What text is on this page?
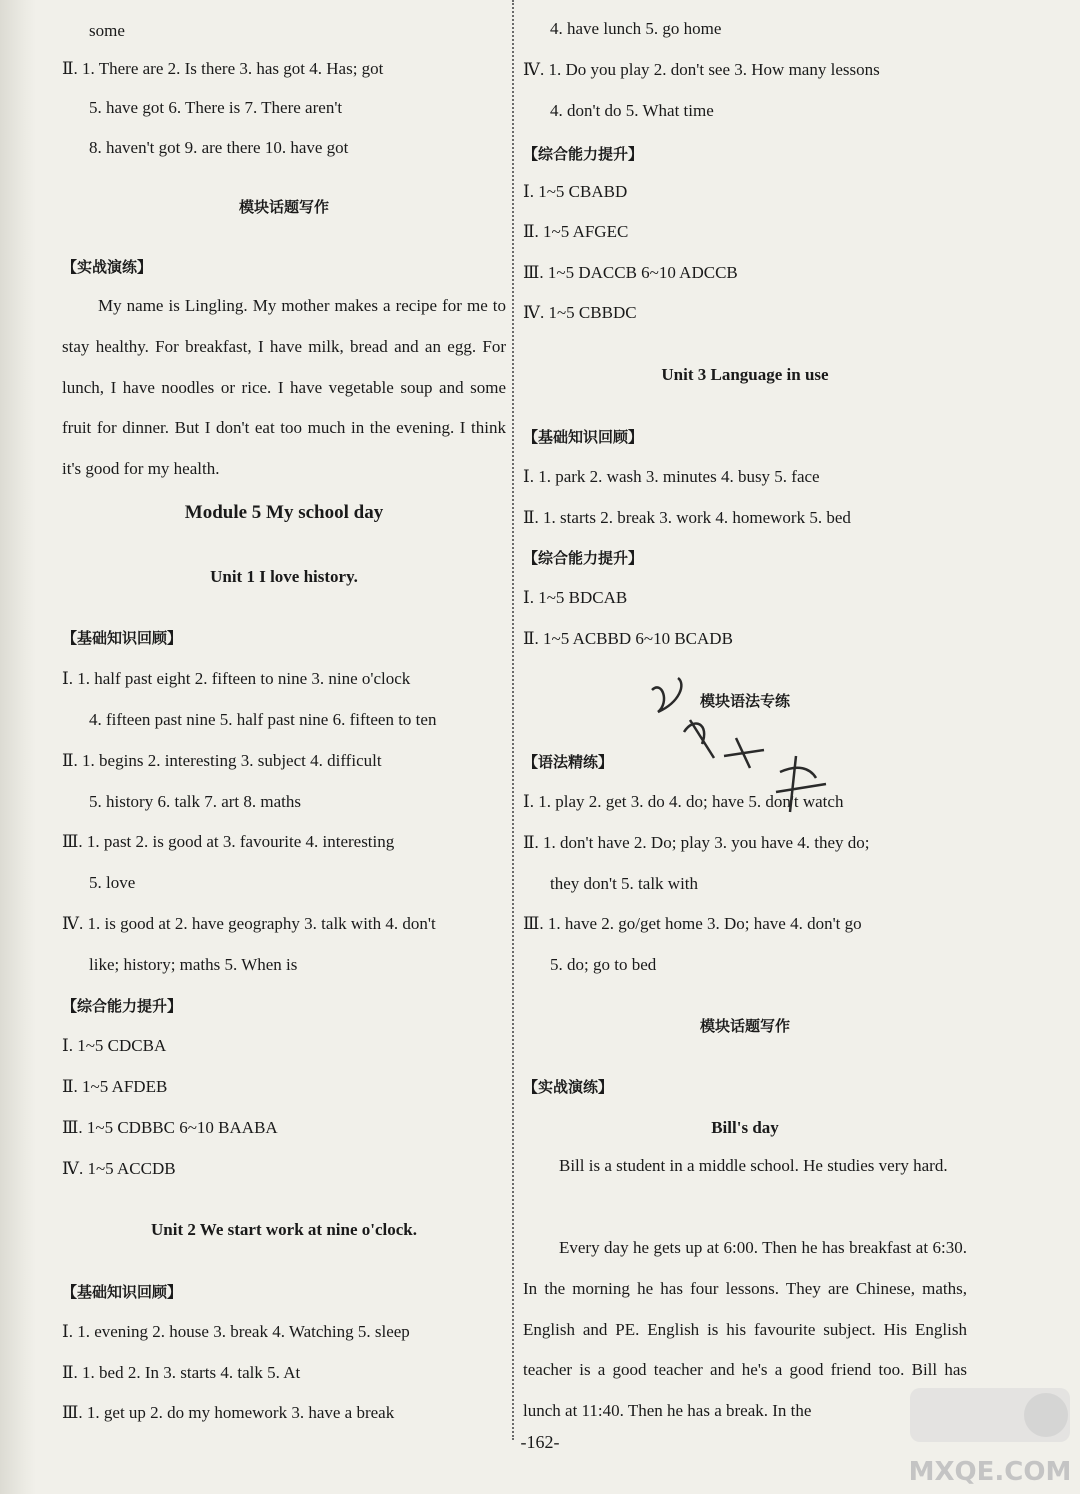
some
Ⅱ. 1. There are 2. Is there 3. has got 4. Has; got
5. have got 6. There is 7. There aren't
8. haven't got 9. are there 10. have got
模块话题写作
【实战演练】
My name is Lingling. My mother makes a recipe for me to stay healthy. For breakfast, I have milk, bread and an egg. For lunch, I have noodles or rice. I have vegetable soup and some fruit for dinner. But I don't eat too much in the evening. I think it's good for my health.
Module 5 My school day
Unit 1 I love history.
【基础知识回顾】
Ⅰ. 1. half past eight 2. fifteen to nine 3. nine o'clock
4. fifteen past nine 5. half past nine 6. fifteen to ten
Ⅱ. 1. begins 2. interesting 3. subject 4. difficult
5. history 6. talk 7. art 8. maths
Ⅲ. 1. past 2. is good at 3. favourite 4. interesting
5. love
Ⅳ. 1. is good at 2. have geography 3. talk with 4. don't
like; history; maths 5. When is
【综合能力提升】
Ⅰ. 1~5 CDCBA
Ⅱ. 1~5 AFDEB
Ⅲ. 1~5 CDBBC 6~10 BAABA
Ⅳ. 1~5 ACCDB
Unit 2 We start work at nine o'clock.
【基础知识回顾】
Ⅰ. 1. evening 2. house 3. break 4. Watching 5. sleep
Ⅱ. 1. bed 2. In 3. starts 4. talk 5. At
Ⅲ. 1. get up 2. do my homework 3. have a break
4. have lunch 5. go home
Ⅳ. 1. Do you play 2. don't see 3. How many lessons
4. don't do 5. What time
【综合能力提升】
Ⅰ. 1~5 CBABD
Ⅱ. 1~5 AFGEC
Ⅲ. 1~5 DACCB 6~10 ADCCB
Ⅳ. 1~5 CBBDC
Unit 3 Language in use
【基础知识回顾】
Ⅰ. 1. park 2. wash 3. minutes 4. busy 5. face
Ⅱ. 1. starts 2. break 3. work 4. homework 5. bed
【综合能力提升】
Ⅰ. 1~5 BDCAB
Ⅱ. 1~5 ACBBD 6~10 BCADB
模块语法专练
【语法精练】
Ⅰ. 1. play 2. get 3. do 4. do; have 5. don't watch
Ⅱ. 1. don't have 2. Do; play 3. you have 4. they do;
they don't 5. talk with
Ⅲ. 1. have 2. go/get home 3. Do; have 4. don't go
5. do; go to bed
模块话题写作
【实战演练】
Bill's day
Bill is a student in a middle school. He studies very hard.
Every day he gets up at 6:00. Then he has breakfast at 6:30. In the morning he has four lessons. They are Chinese, maths, English and PE. English is his favourite subject. His English teacher is a good teacher and he's a good friend too. Bill has lunch at 11:40. Then he has a break. In the
-162-
MXQE.COM
